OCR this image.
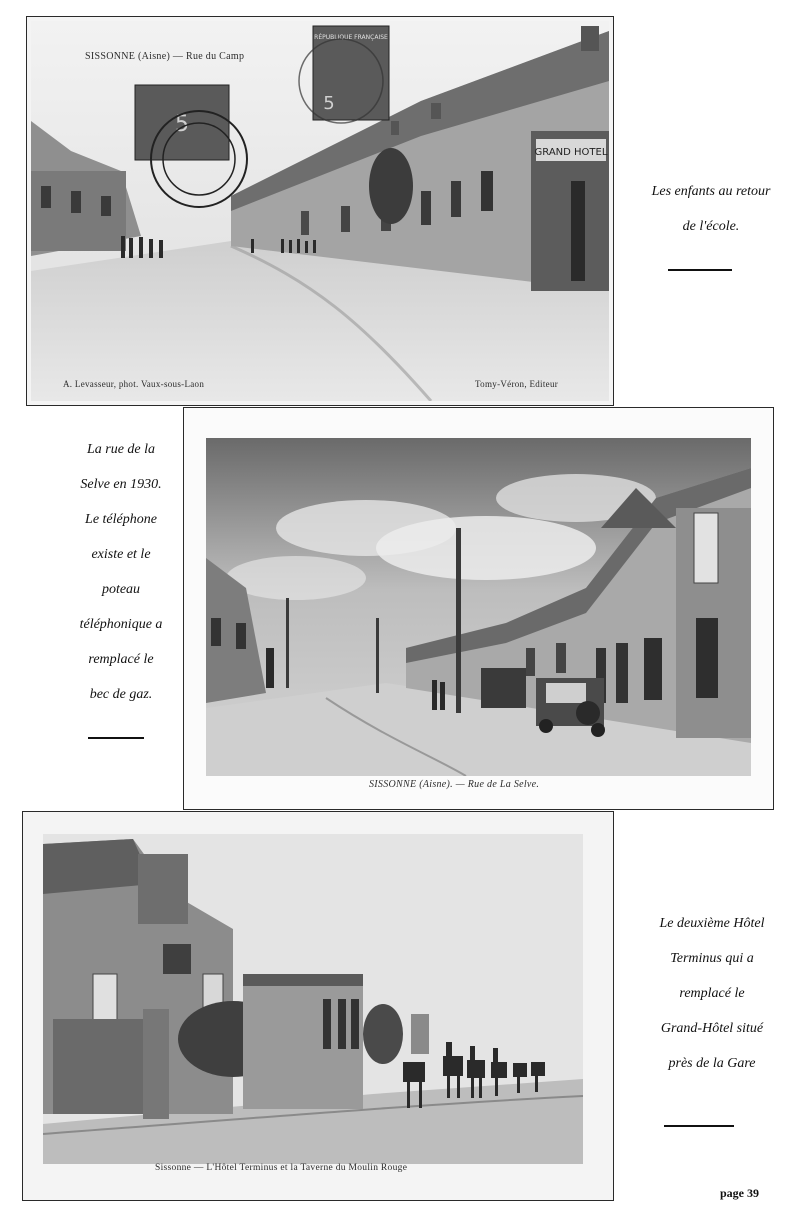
GRAND HOTEL
5
RÉPUBLIQUE FRANÇAISE
5
SISSONNE (Aisne) — Rue du Camp
A. Levasseur, phot. Vaux-sous-Laon	Tomy-Véron, Editeur
Les enfants au retour
de l'école.
SISSONNE (Aisne). — Rue de La Selve.
La rue de la
Selve en 1930.
Le téléphone
existe et le
poteau
téléphonique a
remplacé le
bec de gaz.
Sissonne — L'Hôtel Terminus et la Taverne du Moulin Rouge
Le deuxième Hôtel
Terminus qui a
remplacé le
Grand-Hôtel situé
près de la Gare
page 39
